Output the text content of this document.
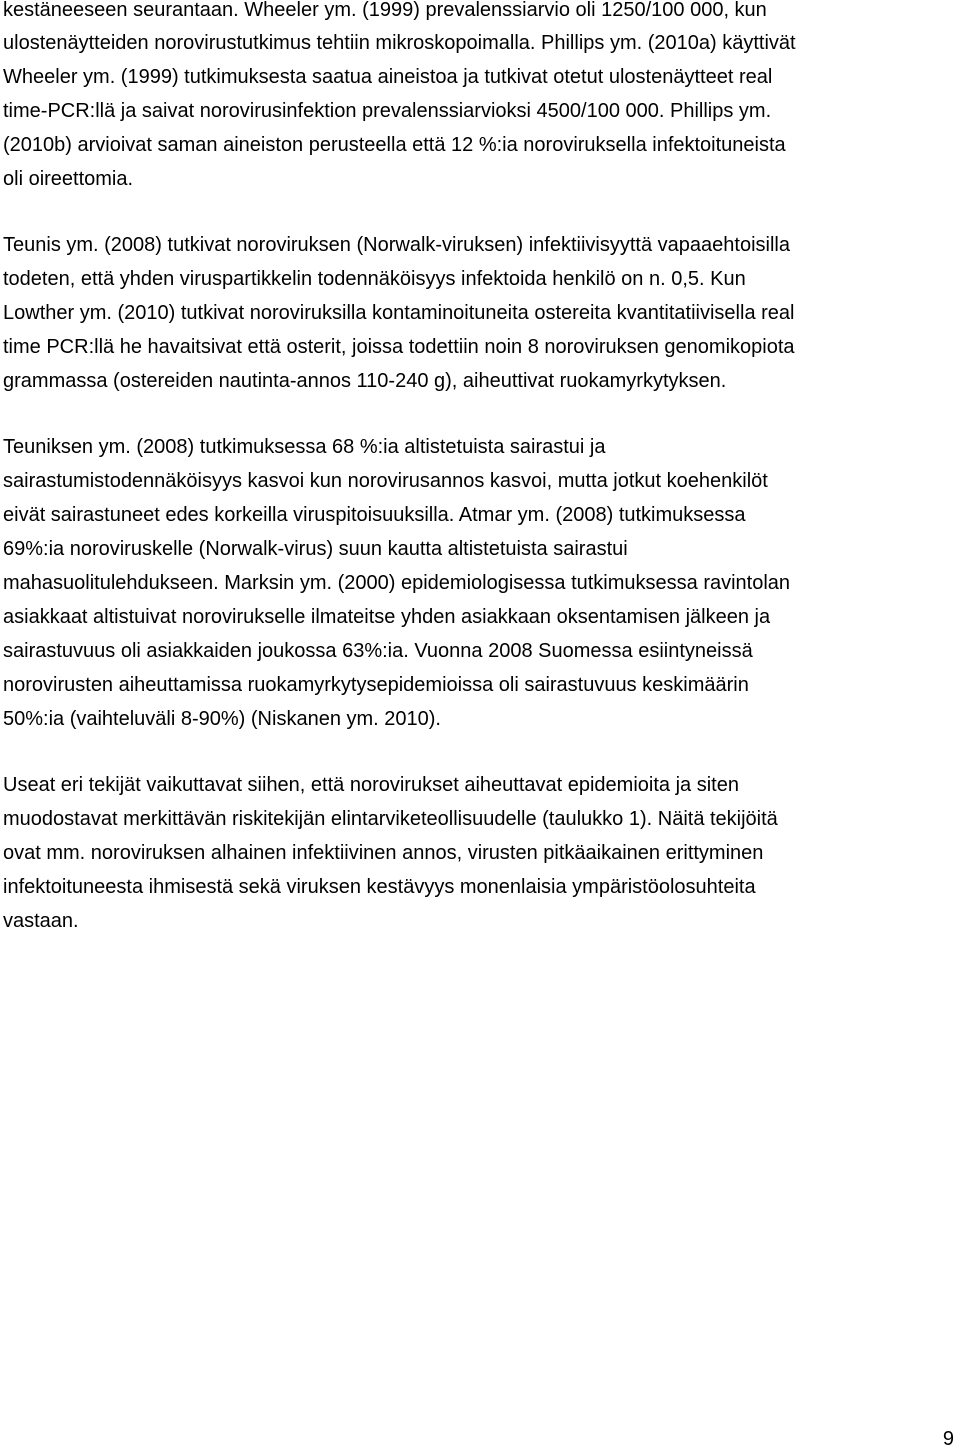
kestäneeseen seurantaan. Wheeler ym. (1999) prevalenssiarvio oli 1250/100 000, kun
ulostenäytteiden norovirustutkimus tehtiin mikroskopoimalla. Phillips ym. (2010a) käyttivät
Wheeler ym. (1999) tutkimuksesta saatua aineistoa ja tutkivat otetut ulostenäytteet real
time-PCR:llä ja saivat norovirusinfektion prevalenssiarvioksi 4500/100 000. Phillips ym.
(2010b) arvioivat saman aineiston perusteella että 12 %:ia noroviruksella infektoituneista
oli oireettomia.
Teunis ym. (2008) tutkivat noroviruksen (Norwalk-viruksen) infektiivisyyttä vapaaehtoisilla
todeten, että yhden viruspartikkelin todennäköisyys infektoida henkilö on n. 0,5. Kun
Lowther ym. (2010) tutkivat noroviruksilla kontaminoituneita ostereita kvantitatiivisella real
time PCR:llä he havaitsivat että osterit, joissa todettiin noin 8 noroviruksen genomikopiota
grammassa (ostereiden nautinta-annos 110-240 g), aiheuttivat ruokamyrkytyksen.
Teuniksen ym. (2008) tutkimuksessa 68 %:ia altistetuista sairastui ja
sairastumistodennäköisyys kasvoi kun norovirusannos kasvoi, mutta jotkut koehenkilöt
eivät sairastuneet edes korkeilla viruspitoisuuksilla. Atmar ym. (2008) tutkimuksessa
69%:ia noroviruskelle (Norwalk-virus) suun kautta altistetuista sairastui
mahasuolitulehdukseen. Marksin ym. (2000) epidemiologisessa tutkimuksessa ravintolan
asiakkaat altistuivat norovirukselle ilmateitse yhden asiakkaan oksentamisen jälkeen ja
sairastuvuus oli asiakkaiden joukossa 63%:ia. Vuonna 2008 Suomessa esiintyneissä
norovirusten aiheuttamissa ruokamyrkytysepidemioissa oli sairastuvuus keskimäärin
50%:ia (vaihteluväli 8-90%) (Niskanen ym. 2010).
Useat eri tekijät vaikuttavat siihen, että norovirukset aiheuttavat epidemioita ja siten
muodostavat merkittävän riskitekijän elintarviketeollisuudelle (taulukko 1). Näitä tekijöitä
ovat mm. noroviruksen alhainen infektiivinen annos, virusten pitkäaikainen erittyminen
infektoituneesta ihmisestä sekä viruksen kestävyys monenlaisia ympäristöolosuhteita
vastaan.
9
